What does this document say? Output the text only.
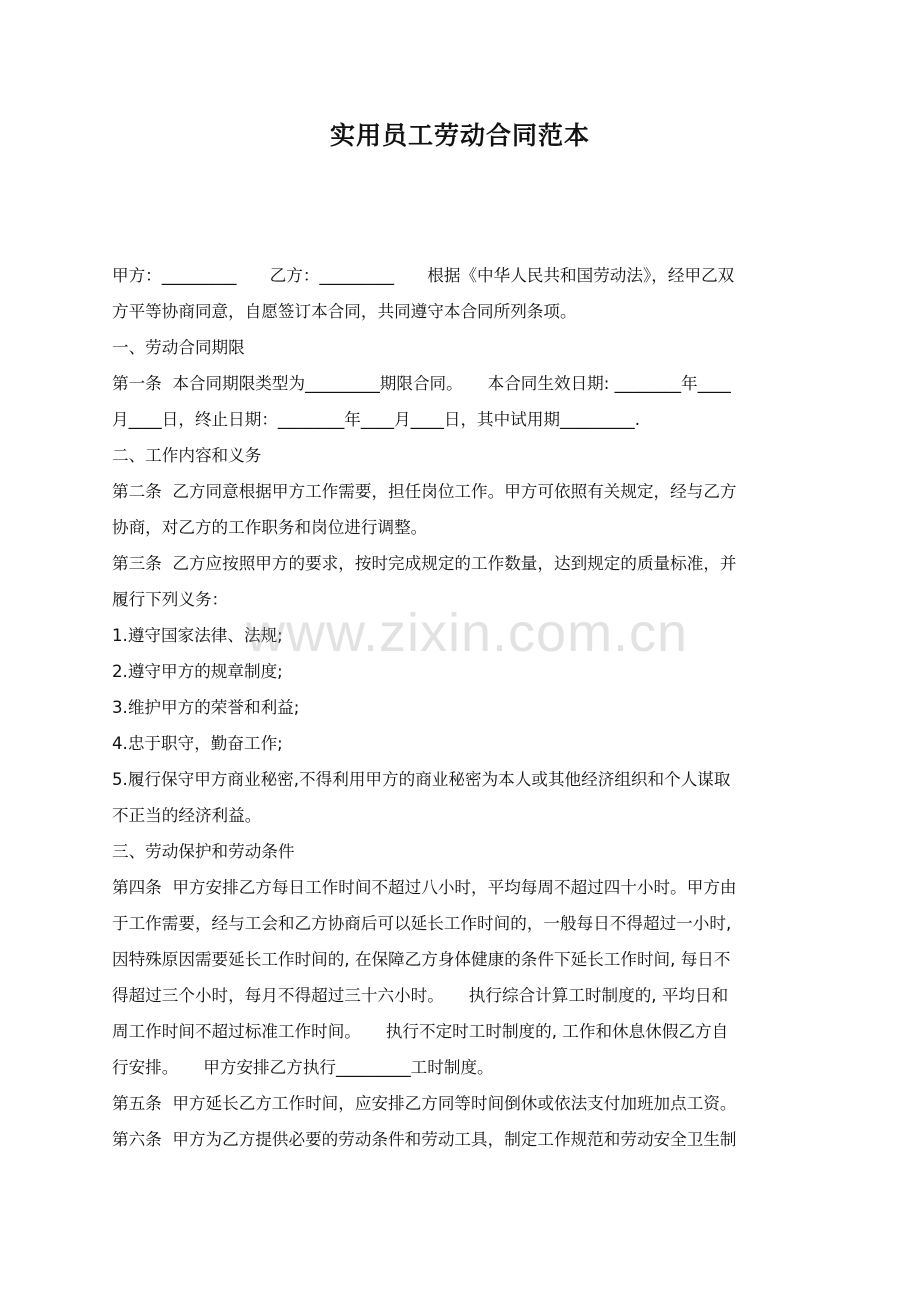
实用员工劳动合同范本
甲方：_________　　乙方：_________　　根据《中华人民共和国劳动法》，经甲乙双
方平等协商同意，自愿签订本合同，共同遵守本合同所列条项。
一、劳动合同期限
第一条  本合同期限类型为_________期限合同。　　本合同生效日期: ________年____
月____日，终止日期：________年____月____日，其中试用期_________.
二、工作内容和义务
第二条  乙方同意根据甲方工作需要，担任岗位工作。甲方可依照有关规定，经与乙方
协商，对乙方的工作职务和岗位进行调整。
第三条  乙方应按照甲方的要求，按时完成规定的工作数量，达到规定的质量标准，并
履行下列义务：
1.遵守国家法律、法规;
2.遵守甲方的规章制度;
3.维护甲方的荣誉和利益;
4.忠于职守，勤奋工作;
5.履行保守甲方商业秘密,不得利用甲方的商业秘密为本人或其他经济组织和个人谋取
不正当的经济利益。
三、劳动保护和劳动条件
第四条  甲方安排乙方每日工作时间不超过八小时，平均每周不超过四十小时。甲方由
于工作需要，经与工会和乙方协商后可以延长工作时间的，一般每日不得超过一小时,
因特殊原因需要延长工作时间的, 在保障乙方身体健康的条件下延长工作时间, 每日不
得超过三个小时，每月不得超过三十六小时。　　执行综合计算工时制度的, 平均日和
周工作时间不超过标准工作时间。　　执行不定时工时制度的, 工作和休息休假乙方自
行安排。　　甲方安排乙方执行_________工时制度。
第五条  甲方延长乙方工作时间，应安排乙方同等时间倒休或依法支付加班加点工资。
第六条  甲方为乙方提供必要的劳动条件和劳动工具，制定工作规范和劳动安全卫生制
www.zixin.com.cn
